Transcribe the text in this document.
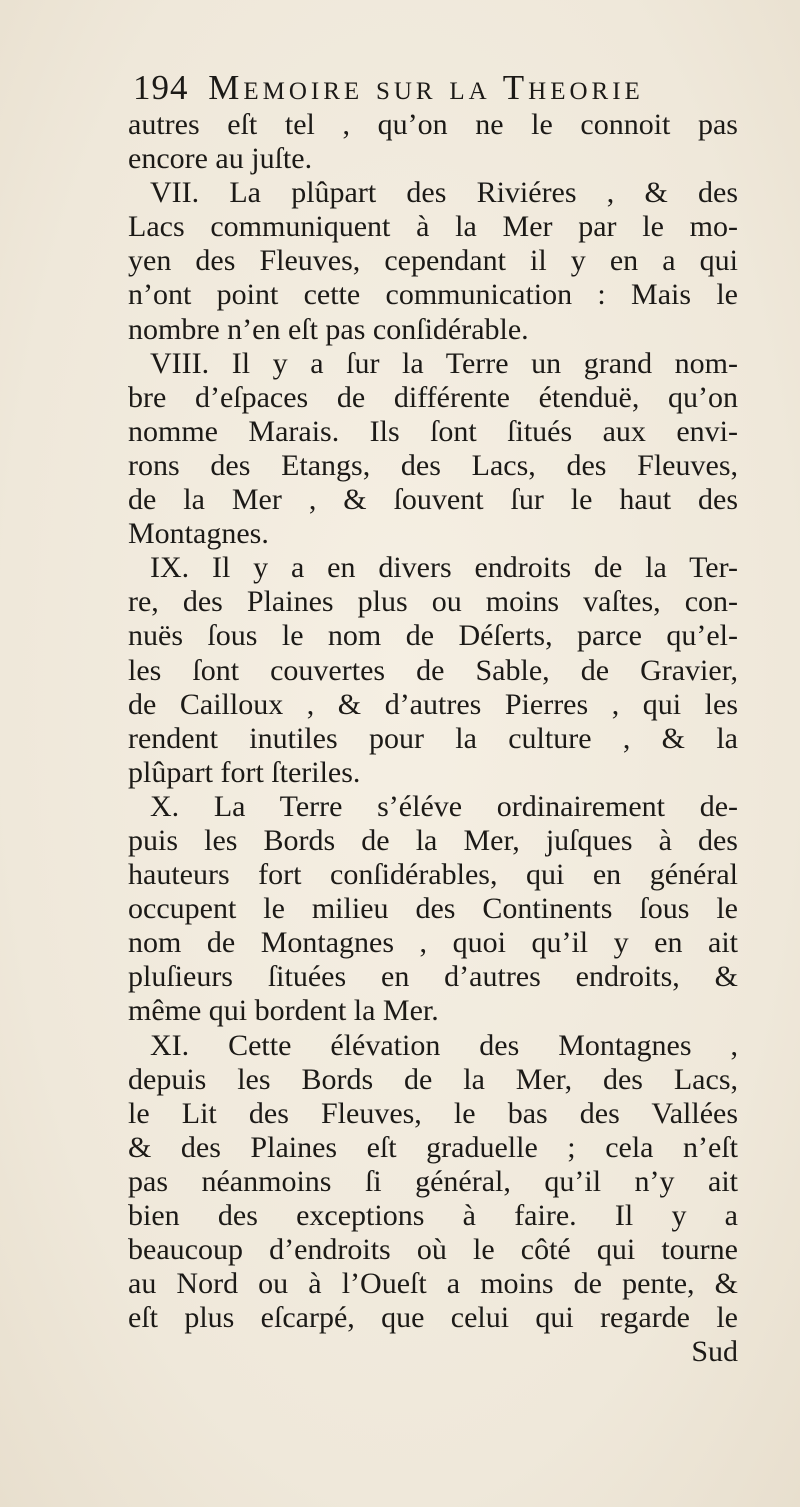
194 Memoire sur la Theorie
autres eſt tel , qu’on ne le connoit pas
encore au juſte.
VII. La plûpart des Riviéres , & des
Lacs communiquent à la Mer par le mo-
yen des Fleuves, cependant il y en a qui
n’ont point cette communication : Mais le
nombre n’en eſt pas conſidérable.
VIII. Il y a ſur la Terre un grand nom-
bre d’eſpaces de différente étenduë, qu’on
nomme Marais. Ils ſont ſitués aux envi-
rons des Etangs, des Lacs, des Fleuves,
de la Mer , & ſouvent ſur le haut des
Montagnes.
IX. Il y a en divers endroits de la Ter-
re, des Plaines plus ou moins vaſtes, con-
nuës ſous le nom de Déſerts, parce qu’el-
les ſont couvertes de Sable, de Gravier,
de Cailloux , & d’autres Pierres , qui les
rendent inutiles pour la culture , & la
plûpart fort ſteriles.
X. La Terre s’éléve ordinairement de-
puis les Bords de la Mer, juſques à des
hauteurs fort conſidérables, qui en général
occupent le milieu des Continents ſous le
nom de Montagnes , quoi qu’il y en ait
pluſieurs ſituées en d’autres endroits, &
même qui bordent la Mer.
XI. Cette élévation des Montagnes ,
depuis les Bords de la Mer, des Lacs,
le Lit des Fleuves, le bas des Vallées
& des Plaines eſt graduelle ; cela n’eſt
pas néanmoins ſi général, qu’il n’y ait
bien des exceptions à faire. Il y a
beaucoup d’endroits où le côté qui tourne
au Nord ou à l’Oueſt a moins de pente, &
eſt plus eſcarpé, que celui qui regarde le
Sud
